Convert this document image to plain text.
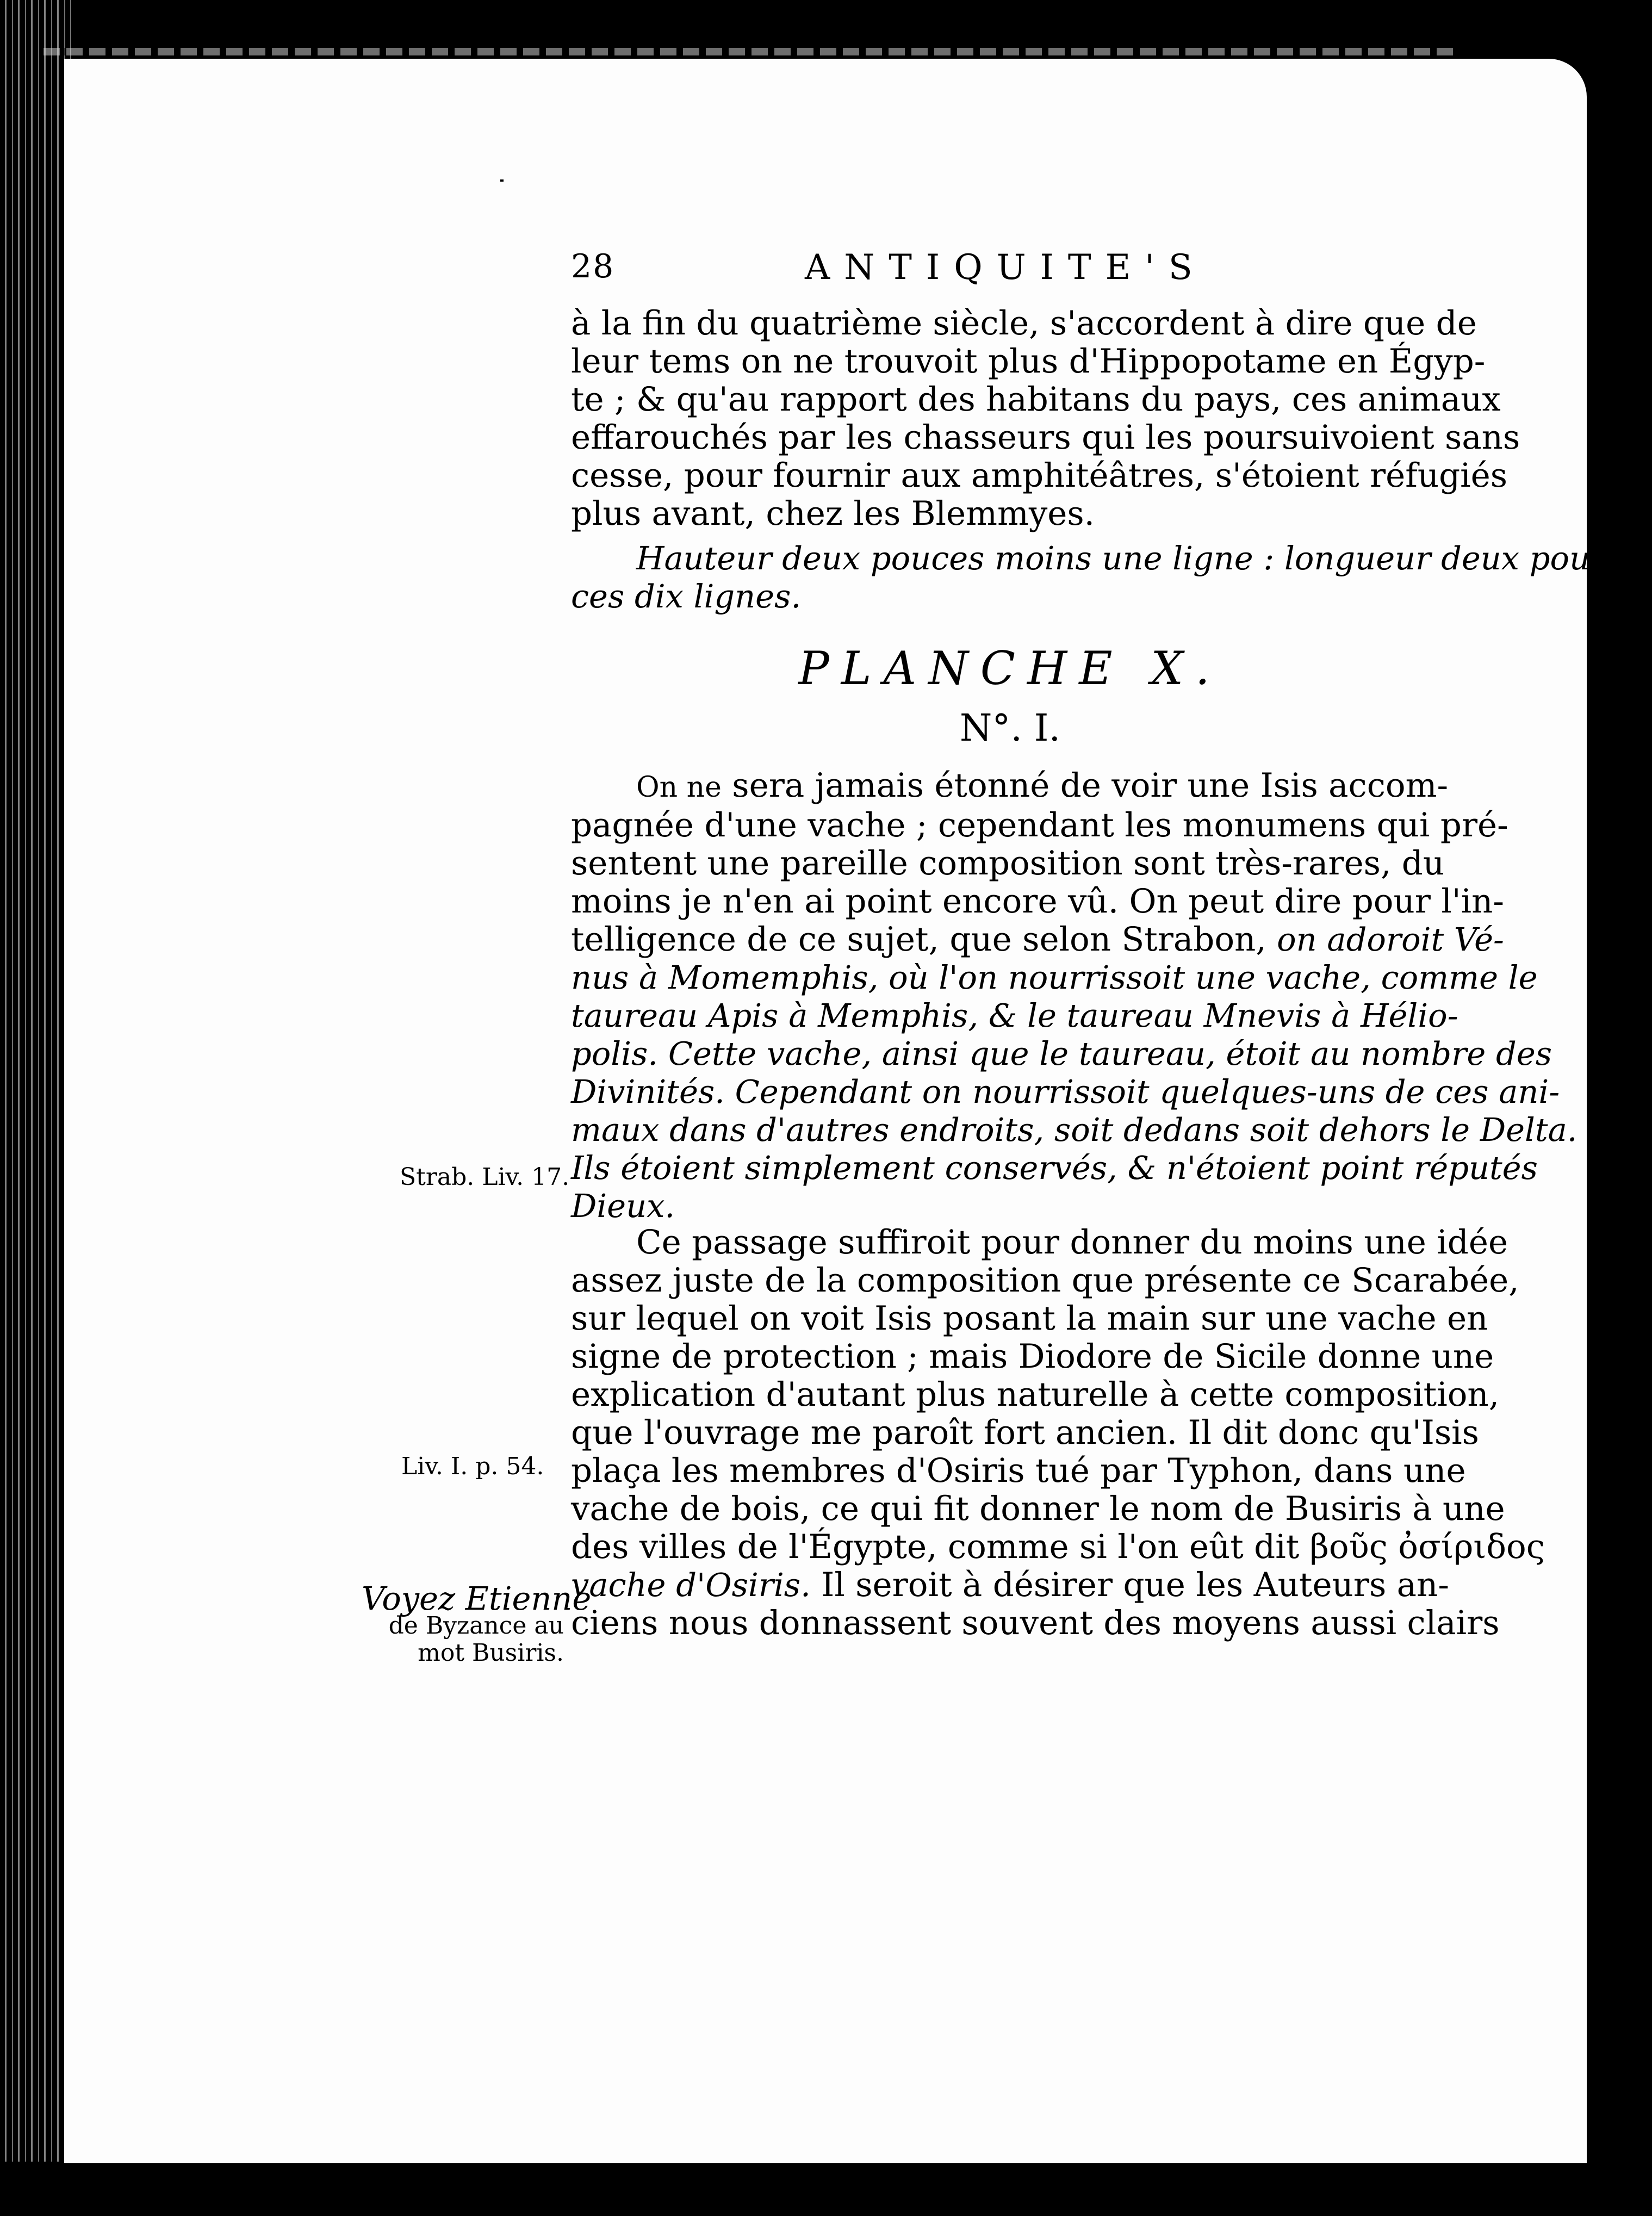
28	ANTIQUITE'S
à la fin du quatrième siècle, s'accordent à dire que de
leur tems on ne trouvoit plus d'Hippopotame en Égyp-
te ; & qu'au rapport des habitans du pays, ces animaux
effarouchés par les chasseurs qui les poursuivoient sans
cesse, pour fournir aux amphitéâtres, s'étoient réfugiés
plus avant, chez les Blemmyes.
Hauteur deux pouces moins une ligne : longueur deux pou-
ces dix lignes.
PLANCHE X.
N°. I.
On ne sera jamais étonné de voir une Isis accom-
pagnée d'une vache ; cependant les monumens qui pré-
sentent une pareille composition sont très-rares, du
moins je n'en ai point encore vû. On peut dire pour l'in-
telligence de ce sujet, que selon Strabon, on adoroit Vé-
nus à Momemphis, où l'on nourrissoit une vache, comme le
taureau Apis à Memphis, & le taureau Mnevis à Hélio-
polis. Cette vache, ainsi que le taureau, étoit au nombre des
Divinités. Cependant on nourrissoit quelques-uns de ces ani-
maux dans d'autres endroits, soit dedans soit dehors le Delta.
Ils étoient simplement conservés, & n'étoient point réputés
Dieux.
Ce passage suffiroit pour donner du moins une idée
assez juste de la composition que présente ce Scarabée,
sur lequel on voit Isis posant la main sur une vache en
signe de protection ; mais Diodore de Sicile donne une
explication d'autant plus naturelle à cette composition,
que l'ouvrage me paroît fort ancien. Il dit donc qu'Isis
plaça les membres d'Osiris tué par Typhon, dans une
vache de bois, ce qui fit donner le nom de Busiris à une
des villes de l'Égypte, comme si l'on eût dit βοῦς ὀσίριδος
vache d'Osiris. Il seroit à désirer que les Auteurs an-
ciens nous donnassent souvent des moyens aussi clairs
Strab. Liv. 17.
Liv. I. p. 54.
Voyez Etienne
de Byzance au
mot Busiris.
